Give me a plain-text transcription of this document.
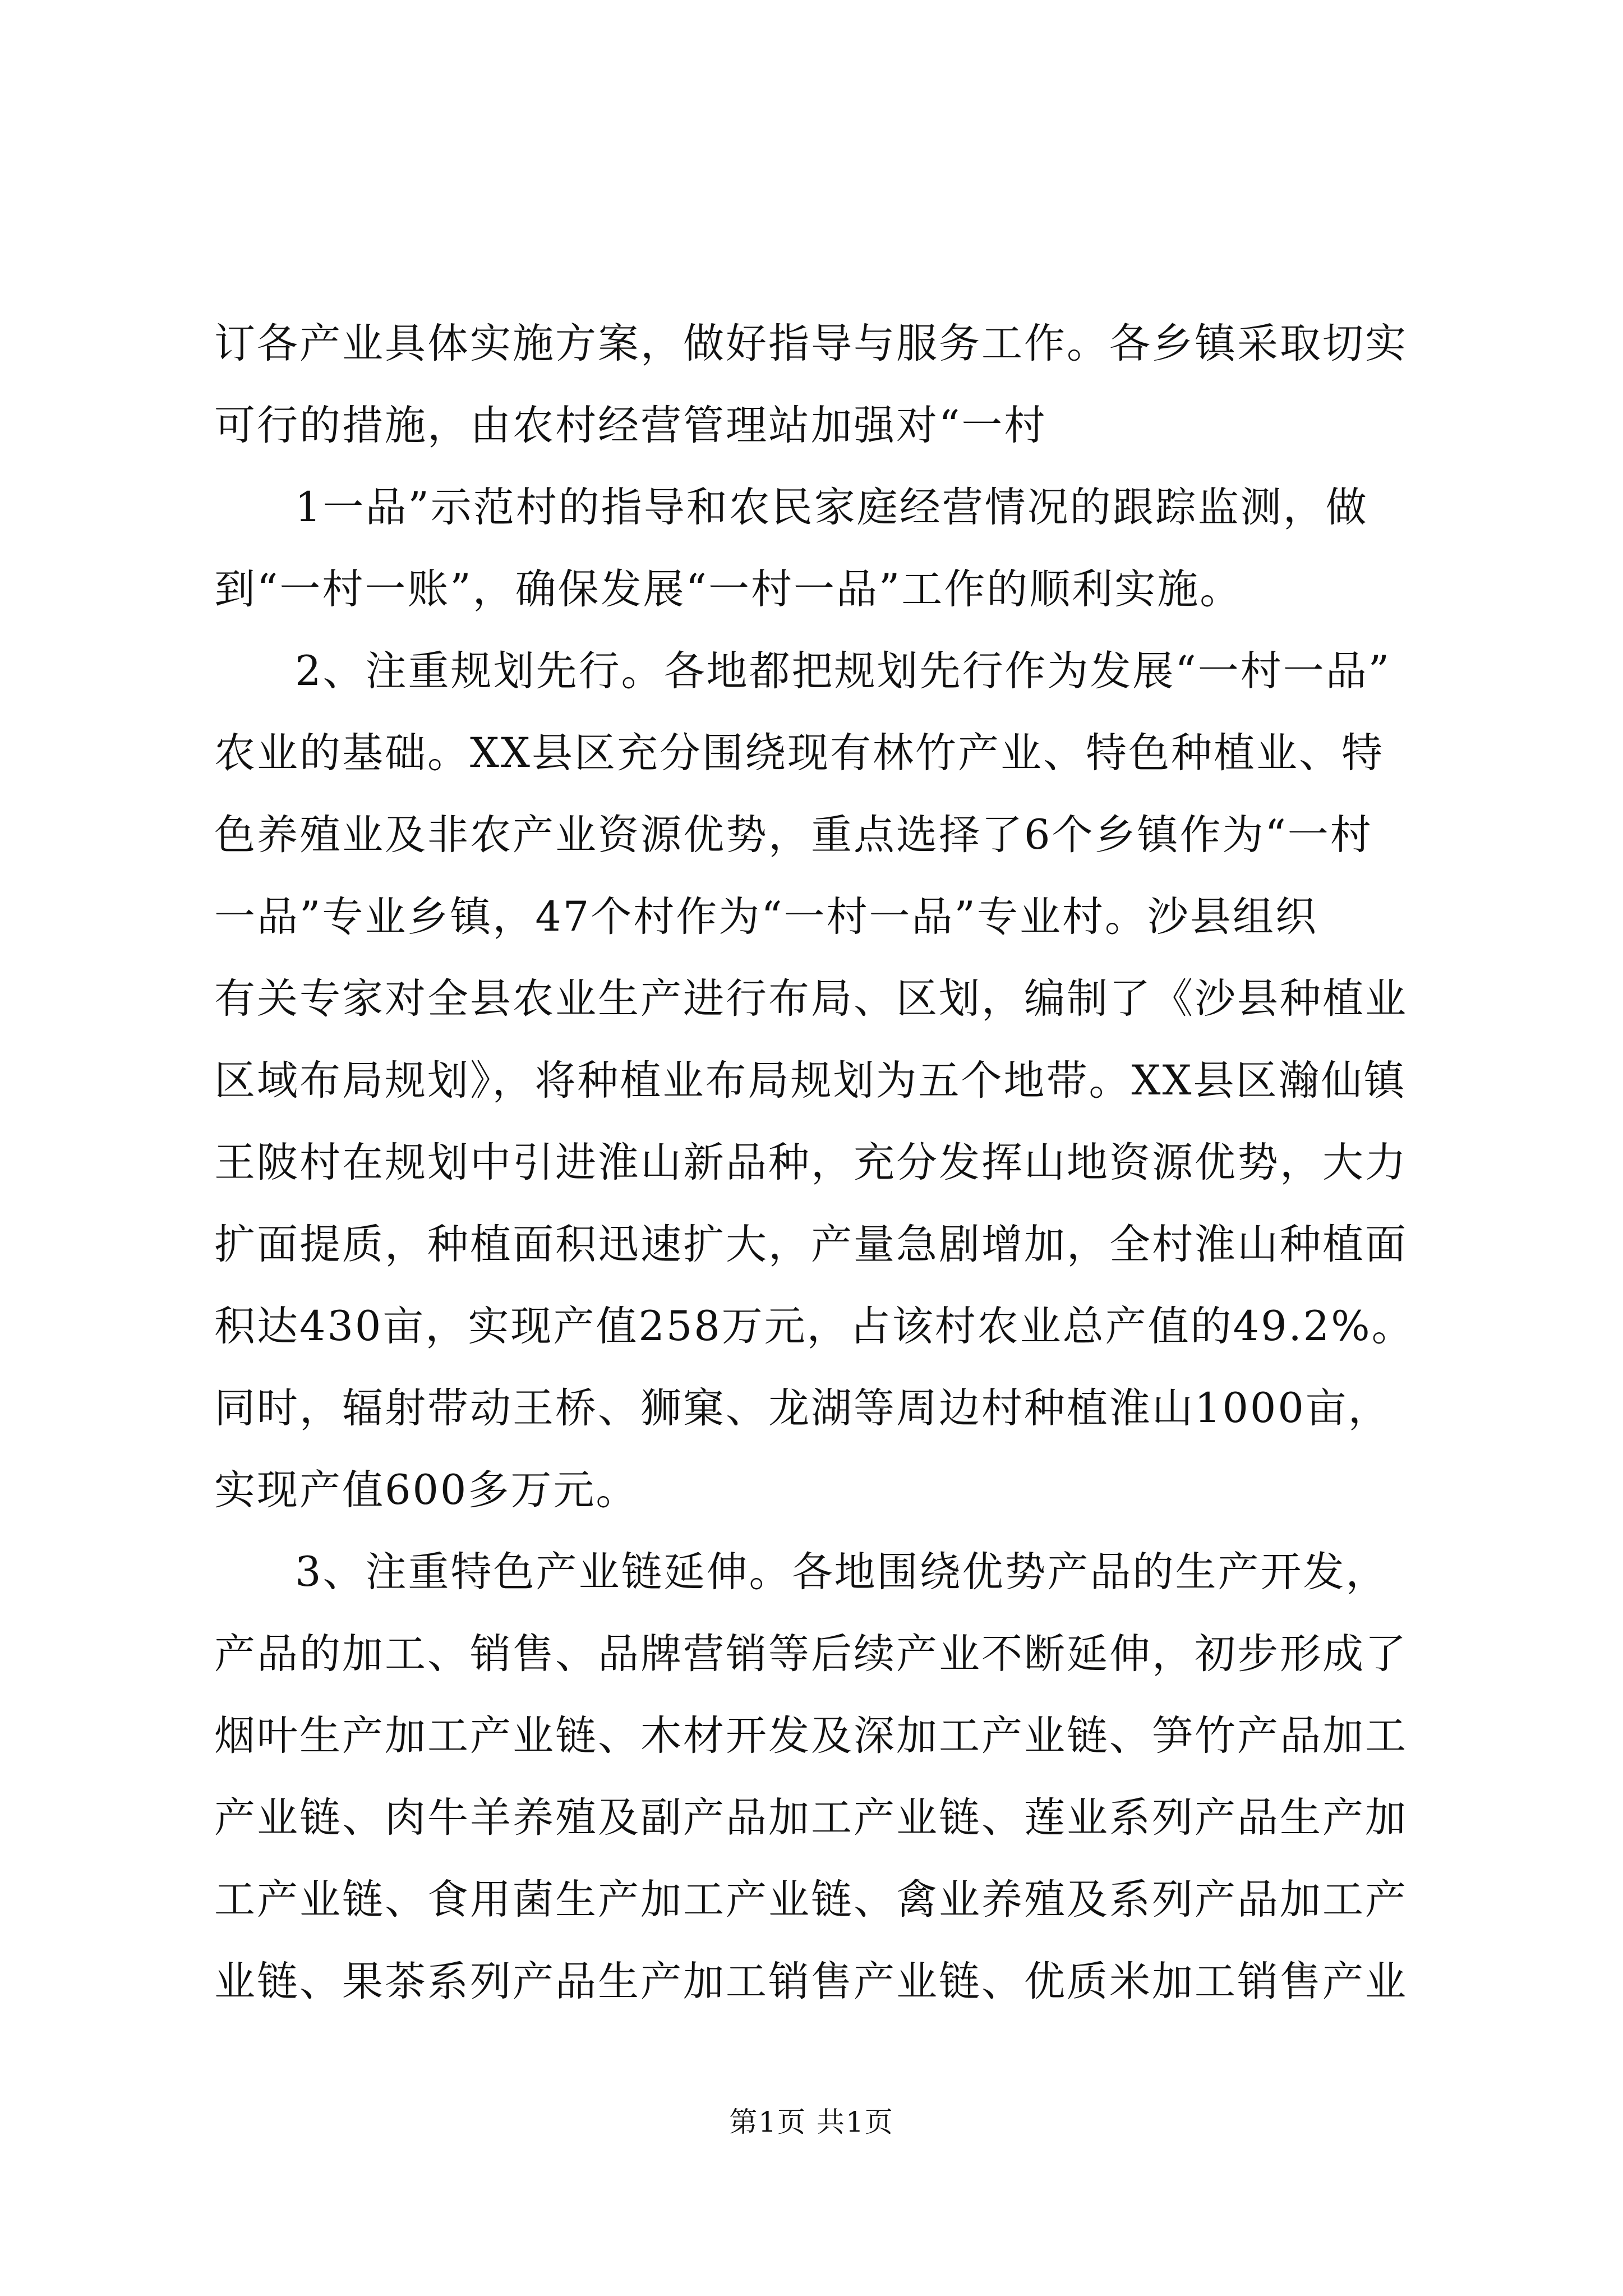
订各产业具体实施方案，做好指导与服务工作。各乡镇采取切实
可行的措施，由农村经营管理站加强对“一村
1一品”示范村的指导和农民家庭经营情况的跟踪监测，做
到“一村一账”，确保发展“一村一品”工作的顺利实施。
2、注重规划先行。各地都把规划先行作为发展“一村一品”
农业的基础。XX县区充分围绕现有林竹产业、特色种植业、特
色养殖业及非农产业资源优势，重点选择了6个乡镇作为“一村
一品”专业乡镇，47个村作为“一村一品”专业村。沙县组织
有关专家对全县农业生产进行布局、区划，编制了《沙县种植业
区域布局规划》，将种植业布局规划为五个地带。XX县区瀚仙镇
王陂村在规划中引进淮山新品种，充分发挥山地资源优势，大力
扩面提质，种植面积迅速扩大，产量急剧增加，全村淮山种植面
积达430亩，实现产值258万元，占该村农业总产值的49.2%。
同时，辐射带动王桥、狮窠、龙湖等周边村种植淮山1000亩，
实现产值600多万元。
3、注重特色产业链延伸。各地围绕优势产品的生产开发，
产品的加工、销售、品牌营销等后续产业不断延伸，初步形成了
烟叶生产加工产业链、木材开发及深加工产业链、笋竹产品加工
产业链、肉牛羊养殖及副产品加工产业链、莲业系列产品生产加
工产业链、食用菌生产加工产业链、禽业养殖及系列产品加工产
业链、果茶系列产品生产加工销售产业链、优质米加工销售产业
第1页 共1页
